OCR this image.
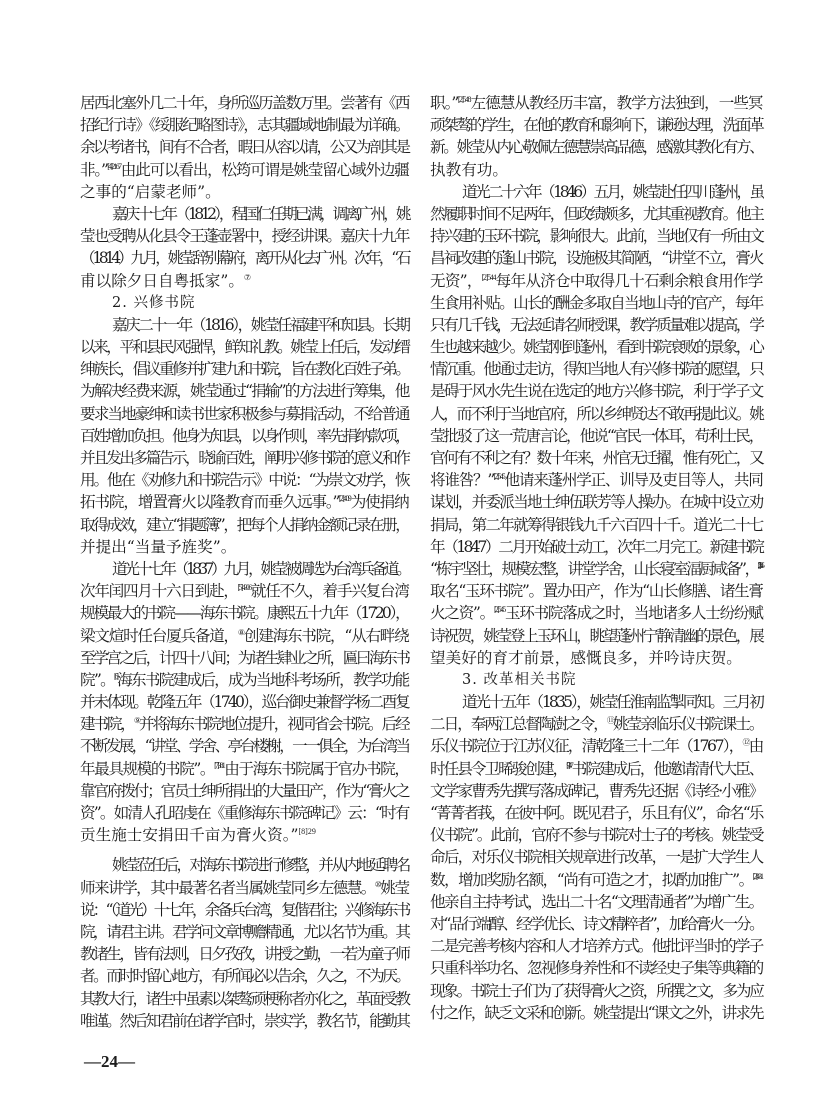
居西北塞外几二十年，身所巡历盖数万里。尝著有《西
招纪行诗》《绥服纪略图诗》，志其疆域地制最为详确。
余以考诸书，间有不合者，暇日从容以请，公又为剖其是
非。”$^{[4]2167}$由此可以看出，松筠可谓是姚莹留心域外边疆
之事的“启蒙老师”。
嘉庆十七年（1812），程国仁任期已满，调离广州，姚
莹也受聘从化县令王蓬壶署中，授经讲课。嘉庆十九年
（1814）九月，姚莹辞别幕府，离开从化去广州。次年，“石
甫以除夕日自粤抵家”。⑦
2. 兴修书院
嘉庆二十一年（1816），姚莹任福建平和知县。长期
以来，平和县民风强悍，鲜知礼教。姚莹上任后，发动缙
绅族长，倡议重修并扩建九和书院，旨在教化百姓子弟。
为解决经费来源，姚莹通过“捐输”的方法进行筹集，他
要求当地豪绅和读书世家积极参与募捐活动，不给普通
百姓增加负担。他身为知县，以身作则，率先捐纳款项，
并且发出多篇告示，晓谕百姓，阐明兴修书院的意义和作
用。他在《劝修九和书院告示》中说：“为崇文劝学，恢
拓书院，增置膏火以隆教育而垂久远事。”$^{[2]409}$为使捐纳
取得成效，建立“捐题簿”，把每个人捐纳金额记录在册，
并提出“当量予旌奖”。
道光十七年（1837）九月，姚莹被调选为台湾兵备道。
次年闰四月十六日到赴，$^{[5]4306}$就任不久，着手兴复台湾
规模最大的书院——海东书院。康熙五十九年（1720），
梁文煊时任台厦兵备道，⑧创建海东书院，“从右畔绕
至学宫之后，计四十八间；为诸生肄业之所，匾曰海东书
院”。[6]海东书院建成后，成为当地科考场所，教学功能
并未体现。乾隆五年（1740），巡台御史兼督学杨二酉复
建书院，⑨并将海东书院地位提升，视同省会书院。后经
不断发展，“讲堂、学舍、亭台楼榭，一一俱全，为台湾当
年最具规模的书院”。$^{[7]381}$由于海东书院属于官办书院，
靠官府拨付；官员士绅所捐出的大量田产，作为“膏火之
资”。如清人孔昭虔在《重修海东书院碑记》云：“时有
贡生施士安捐田千亩为膏火资。”$^{[8]29}$
姚莹莅任后，对海东书院进行修整，并从内地延聘名
师来讲学，其中最著名者当属姚莹同乡左德慧。⑩姚莹
说：“（道光）十七年，余备兵台湾，复偕君往；兴修海东书
院，请君主讲。君学问文章博赡精通，尤以名节为重。其
教诸生，皆有法则，日夕孜孜，讲授之勤，一若为童子师
者。而时时留心地方，有所闻必以告余，久之，不为厌。
其教大行，诸生中虽素以桀骜顽梗称者亦化之，革面受教
唯谨。然后知君前在诸学官时，崇实学，教名节，能勤其
职。”$^{[2]548}$左德慧从教经历丰富，教学方法独到，一些冥
顽桀骜的学生，在他的教育和影响下，谦逊达理，洗面革
新。姚莹从内心敬佩左德慧崇高品德，感激其教化有方、
执教有功。
道光二十六年（1846）五月，姚莹赴任四川蓬州，虽
然履职时间不足两年，但政绩颇多，尤其重视教育。他主
持兴建的玉环书院，影响很大。此前，当地仅有一所由文
昌祠改建的蓬山书院，设施极其简陋，“讲堂不立，膏火
无资”，$^{[2]544}$每年从济仓中取得几十石剩余粮食用作学
生食用补贴。山长的酬金多取自当地山寺的官产，每年
只有几千钱，无法延请名师授课，教学质量难以提高，学
生也越来越少。姚莹刚到蓬州，看到书院衰败的景象，心
情沉重。他通过走访，得知当地人有兴修书院的愿望，只
是碍于风水先生说在选定的地方兴修书院，利于学子文
人，而不利于当地官府，所以乡绅贤达不敢再提此议。姚
莹批驳了这一荒唐言论，他说“官民一体耳，苟利士民，
官何有不利之有？数十年来，州官无迁擢，惟有死亡，又
将谁咎？”$^{[2]545}$他请来蓬州学正、训导及吏目等人，共同
谋划，并委派当地士绅伍联芳等人操办。在城中设立劝
捐局，第二年就筹得银钱九千六百四十千。道光二十七
年（1847）二月开始破土动工，次年二月完工。新建书院
“栋宇坚壮，规模宏整，讲堂学舍，山长寝室湢厨咸备”，$^{[2]545}$
取名“玉环书院”。置办田产，作为“山长修膳、诸生膏
火之资”。$^{[2]545}$玉环书院落成之时，当地诸多人士纷纷赋
诗祝贺，姚莹登上玉环山，眺望蓬州宁静清幽的景色，展
望美好的育才前景，感慨良多，并吟诗庆贺。
3. 改革相关书院
道光十五年（1835），姚莹任淮南监掣同知。三月初
二日，奉两江总督陶澍之令，⑪姚莹亲临乐仪书院课士。
乐仪书院位于江苏仪征，清乾隆三十二年（1767），⑫由
时任县令卫晞骏创建，$^{[9]47}$书院建成后，他邀请清代大臣、
文学家曹秀先撰写落成碑记，曹秀先还据《诗经·小雅》
“菁菁者莪，在彼中阿。既见君子，乐且有仪”，命名“乐
仪书院”。此前，官府不参与书院对士子的考核。姚莹受
命后，对乐仪书院相关规章进行改革，一是扩大学生人
数，增加奖励名额，“尚有可造之才，拟酌加推广”。$^{[2]431}$
他亲自主持考试，选出二十名“文理清通者”为增广生。
对“品行端醇、经学优长、诗文精粹者”，加给膏火一分。
二是完善考核内容和人才培养方式。他批评当时的学子
只重科举功名、忽视修身养性和不读经史子集等典籍的
现象。书院士子们为了获得膏火之资，所撰之文，多为应
付之作，缺乏文采和创新。姚莹提出“课文之外，讲求先
—24—
